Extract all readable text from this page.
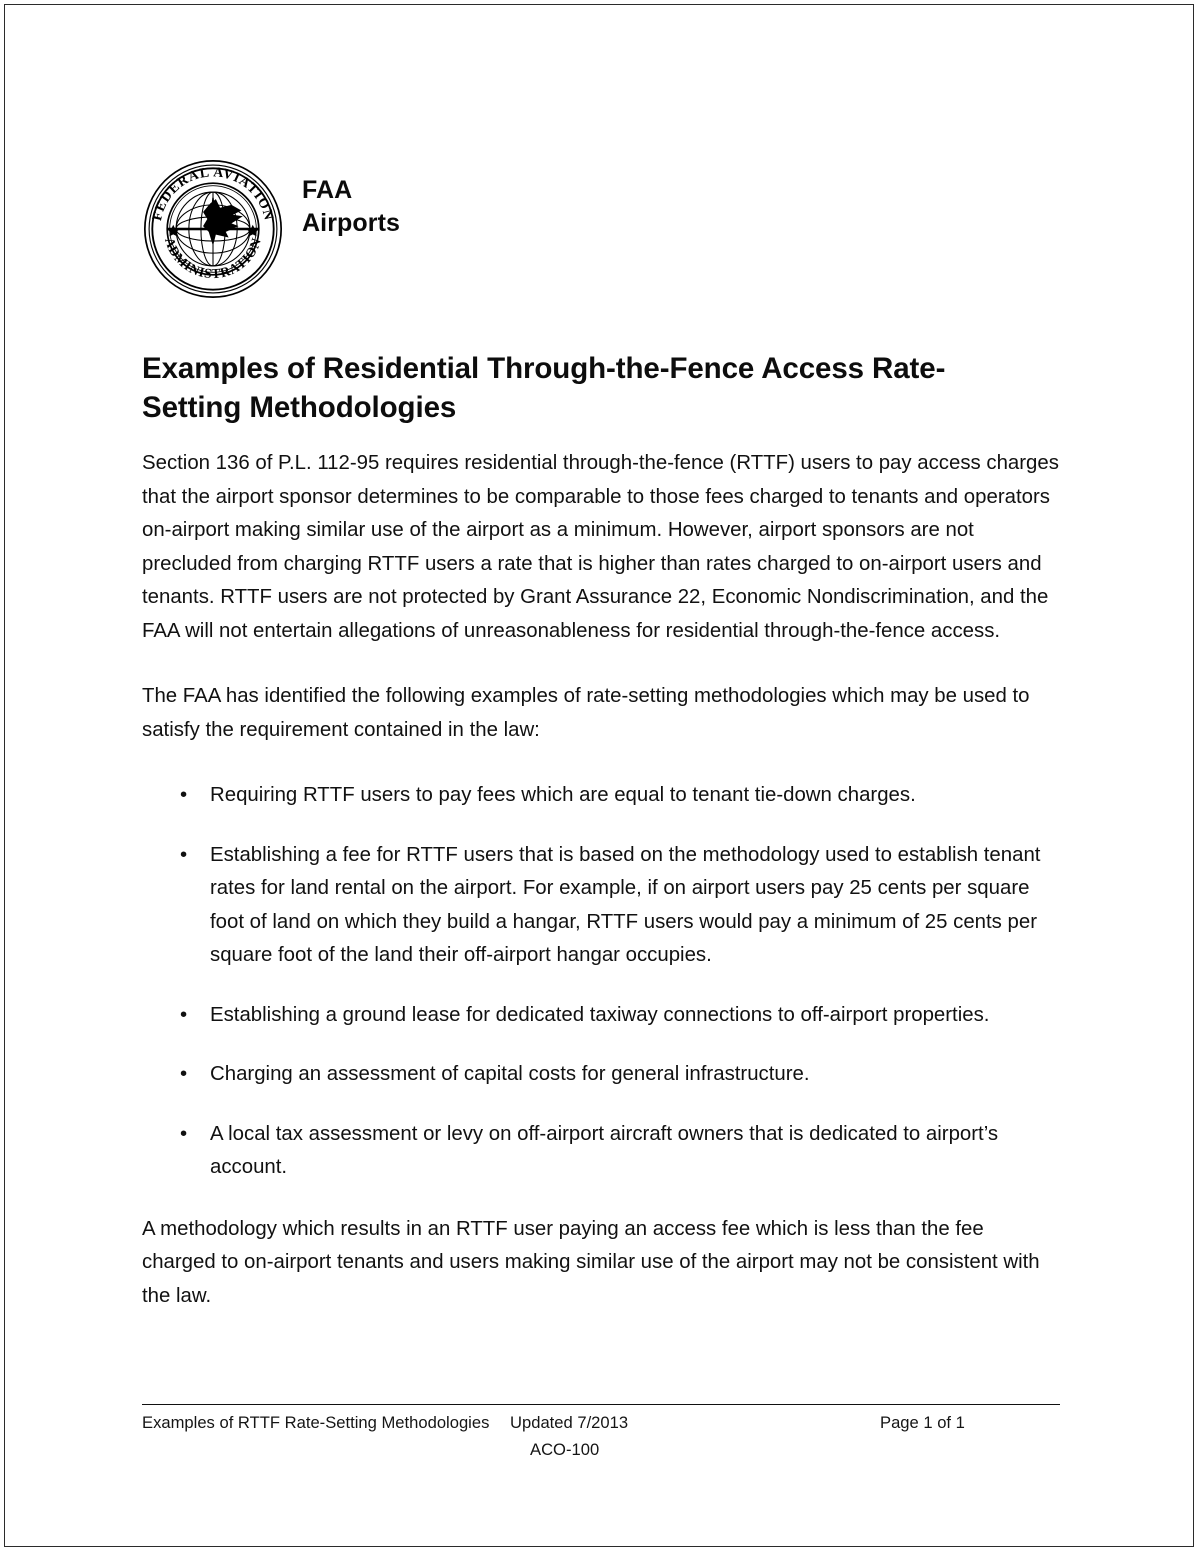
FEDERAL AVIATION
ADMINISTRATION
FAA
Airports
Examples of Residential Through-the-Fence Access Rate-Setting Methodologies

Section 136 of P.L. 112-95 requires residential through-the-fence (RTTF) users to pay access charges that the airport sponsor determines to be comparable to those fees charged to tenants and operators on-airport making similar use of the airport as a minimum. However, airport sponsors are not precluded from charging RTTF users a rate that is higher than rates charged to on-airport users and tenants. RTTF users are not protected by Grant Assurance 22, Economic Nondiscrimination, and the FAA will not entertain allegations of unreasonableness for residential through-the-fence access.

The FAA has identified the following examples of rate-setting methodologies which may be used to satisfy the requirement contained in the law:

• Requiring RTTF users to pay fees which are equal to tenant tie-down charges.
• Establishing a fee for RTTF users that is based on the methodology used to establish tenant rates for land rental on the airport. For example, if on airport users pay 25 cents per square foot of land on which they build a hangar, RTTF users would pay a minimum of 25 cents per square foot of the land their off-airport hangar occupies.
• Establishing a ground lease for dedicated taxiway connections to off-airport properties.
• Charging an assessment of capital costs for general infrastructure.
• A local tax assessment or levy on off-airport aircraft owners that is dedicated to airport’s account.

A methodology which results in an RTTF user paying an access fee which is less than the fee charged to on-airport tenants and users making similar use of the airport may not be consistent with the law.

Examples of RTTF Rate-Setting Methodologies	Updated 7/2013	Page 1 of 1
ACO-100
